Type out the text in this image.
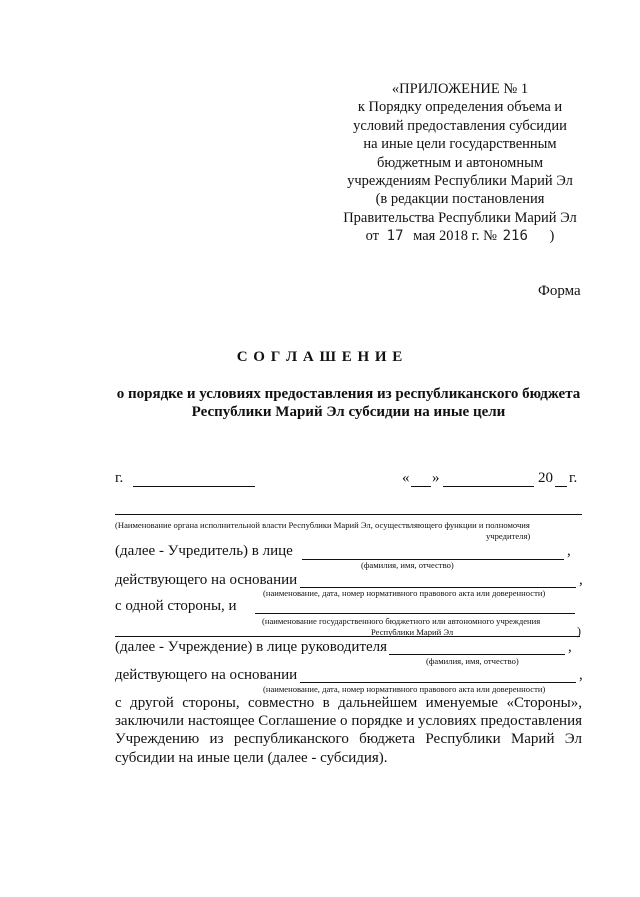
«ПРИЛОЖЕНИЕ № 1
к Порядку определения объема и
условий предоставления субсидии
на иные цели государственным
бюджетным и автономным
учреждениям Республики Марий Эл
(в редакции постановления
Правительства Республики Марий Эл
от 17 мая 2018 г. № 216 )
Форма
С О Г Л А Ш Е Н И Е
о порядке и условиях предоставления из республиканского бюджета
Республики Марий Эл субсидии на иные цели
г.	« »	20 г.
(Наименование органа исполнительной власти Республики Марий Эл, осуществляющего функции и полномочия
учредителя)
(далее - Учредитель) в лице	,
(фамилия, имя, отчество)
действующего на основании	,
(наименование, дата, номер нормативного правового акта или доверенности)
с одной стороны, и
(наименование государственного бюджетного или автономного учреждения
Республики Марий Эл	)
(далее - Учреждение) в лице руководителя	,
(фамилия, имя, отчество)
действующего на основании	,
(наименование, дата, номер нормативного правового акта или доверенности)
с другой стороны, совместно в дальнейшем именуемые «Стороны», заключили настоящее Соглашение о порядке и условиях предоставления Учреждению из республиканского бюджета Республики Марий Эл субсидии на иные цели (далее - субсидия).
